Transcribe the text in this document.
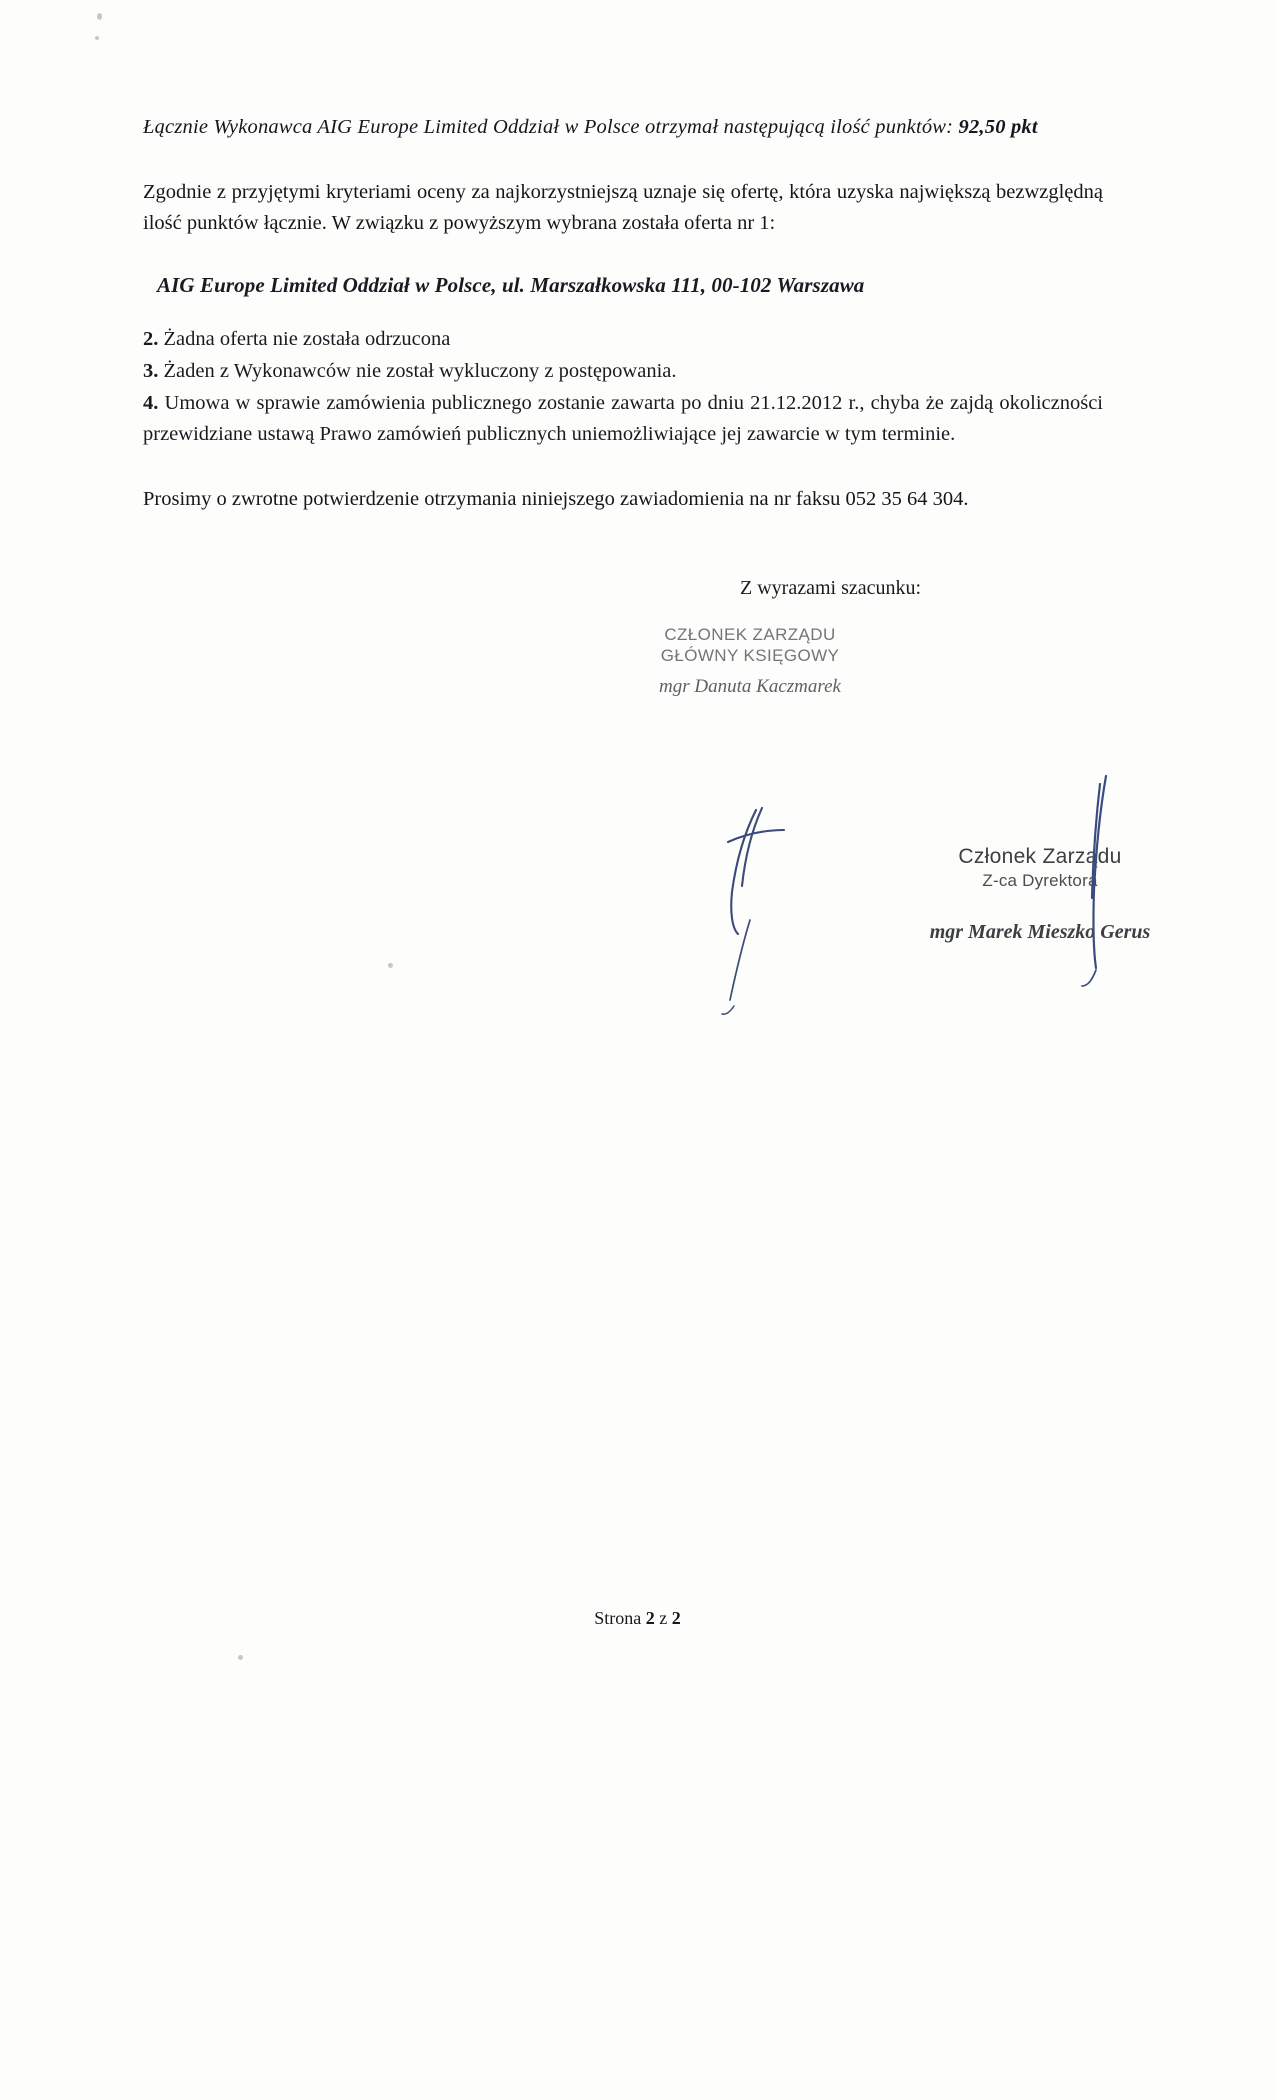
Łącznie Wykonawca AIG Europe Limited Oddział w Polsce otrzymał następującą ilość punktów: 92,50 pkt

Zgodnie z przyjętymi kryteriami oceny za najkorzystniejszą uznaje się ofertę, która uzyska największą bezwzględną ilość punktów łącznie. W związku z powyższym wybrana została oferta nr 1:

AIG Europe Limited Oddział w Polsce, ul. Marszałkowska 111, 00-102 Warszawa

2. Żadna oferta nie została odrzucona

3. Żaden z Wykonawców nie został wykluczony z postępowania.

4. Umowa w sprawie zamówienia publicznego zostanie zawarta po dniu 21.12.2012 r., chyba że zajdą okoliczności przewidziane ustawą Prawo zamówień publicznych uniemożliwiające jej zawarcie w tym terminie.

Prosimy o zwrotne potwierdzenie otrzymania niniejszego zawiadomienia na nr faksu 052 35 64 304.

Z wyrazami szacunku:
CZŁONEK ZARZĄDU
GŁÓWNY KSIĘGOWY
mgr Danuta Kaczmarek
Członek Zarządu
Z-ca Dyrektora
mgr Marek Mieszko Gerus
Strona 2 z 2
